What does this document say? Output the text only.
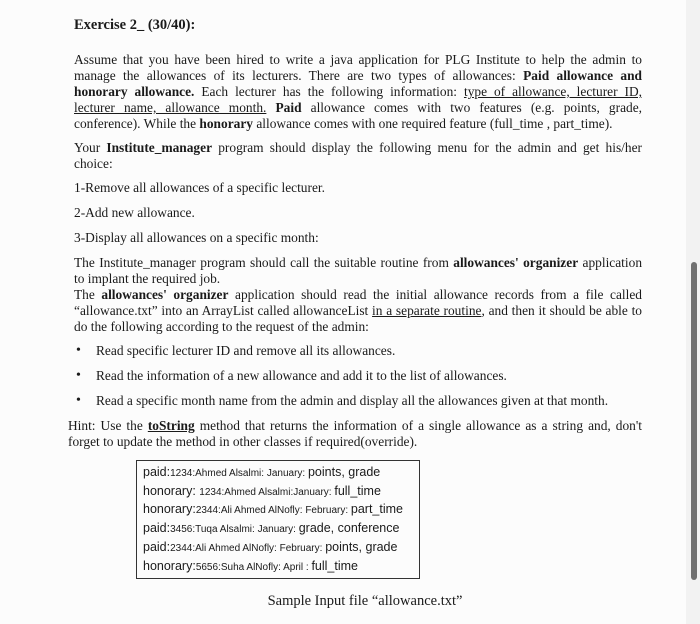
Exercise 2_ (30/40):

Assume that you have been hired to write a java application for PLG Institute to help the admin to manage the allowances of its lecturers. There are two types of allowances: Paid allowance and honorary allowance. Each lecturer has the following information: type of allowance, lecturer ID, lecturer name, allowance month. Paid allowance comes with two features (e.g. points, grade, conference). While the honorary allowance comes with one required feature (full_time , part_time).

Your Institute_manager program should display the following menu for the admin and get his/her choice:

1-Remove all allowances of a specific lecturer.

2-Add new allowance.

3-Display all allowances on a specific month:

The Institute_manager program should call the suitable routine from allowances' organizer application to implant the required job.

The allowances' organizer application should read the initial allowance records from a file called “allowance.txt” into an ArrayList called allowanceList in a separate routine, and then it should be able to do the following according to the request of the admin:

• Read specific lecturer ID and remove all its allowances.
• Read the information of a new allowance and add it to the list of allowances.
• Read a specific month name from the admin and display all the allowances given at that month.

Hint: Use the toString method that returns the information of a single allowance as a string and, don't forget to update the method in other classes if required(override).

paid:1234:Ahmed Alsalmi: January: points, grade
honorary: 1234:Ahmed Alsalmi:January: full_time
honorary:2344:Ali Ahmed AlNofly: February: part_time
paid:3456:Tuqa Alsalmi: January: grade, conference
paid:2344:Ali Ahmed AlNofly: February: points, grade
honorary:5656:Suha AlNofly: April : full_time

Sample Input file “allowance.txt”
